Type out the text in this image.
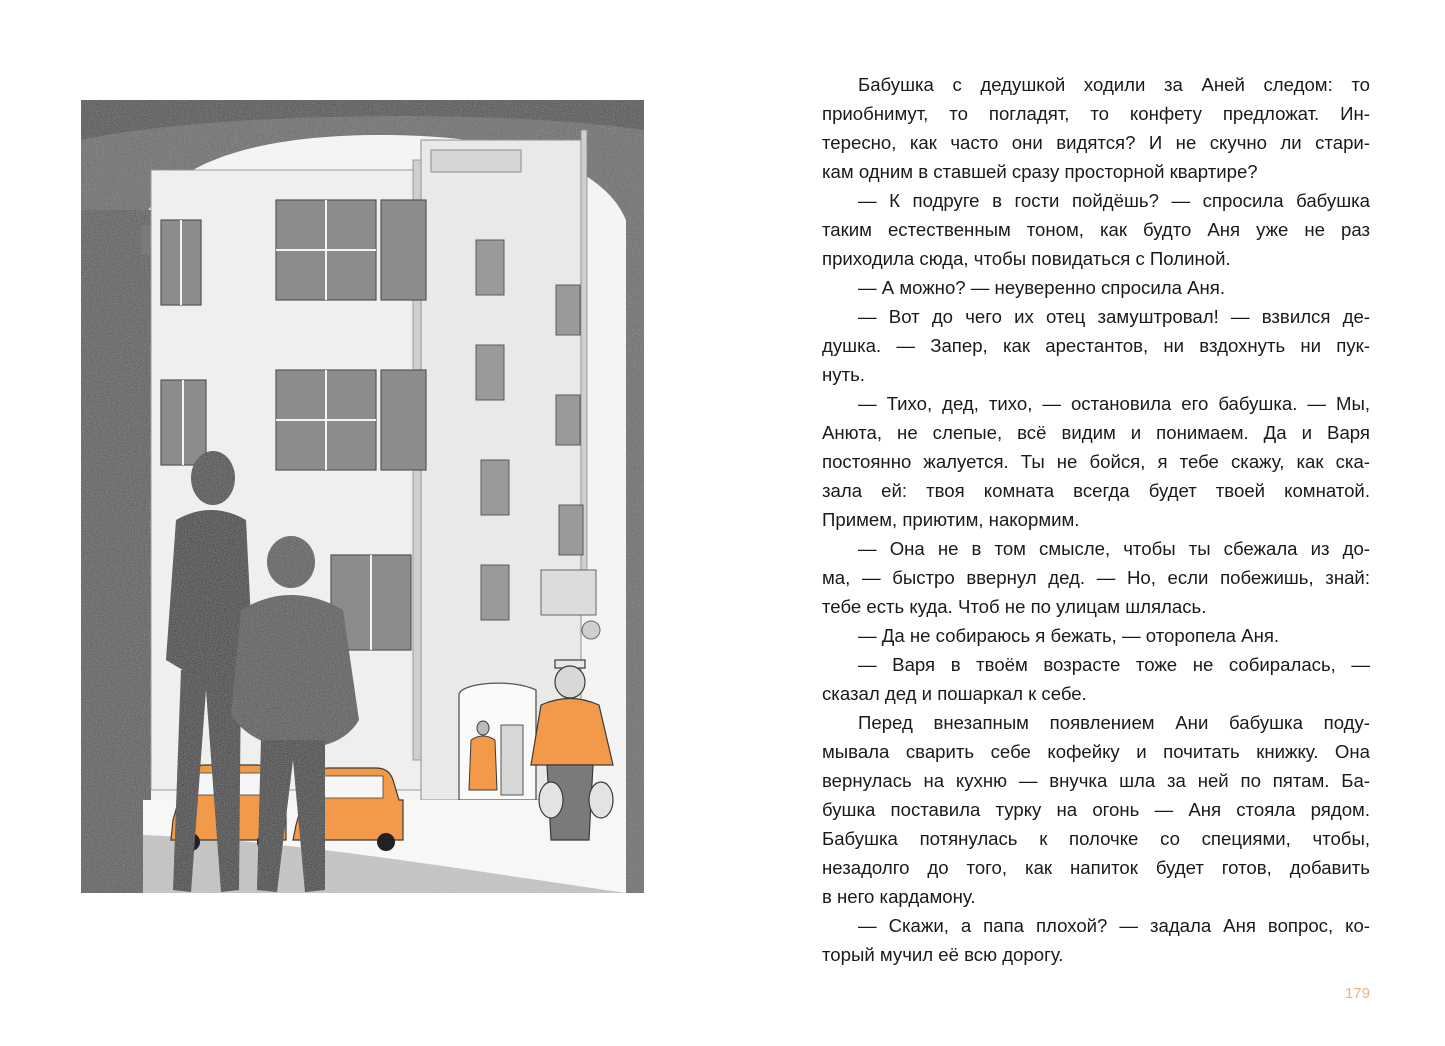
Бабушка с дедушкой ходили за Аней следом: то
приобнимут, то погладят, то конфету предложат. Ин-
тересно, как часто они видятся? И не скучно ли стари-
кам одним в ставшей сразу просторной квартире?
— К подруге в гости пойдёшь? — спросила бабушка
таким естественным тоном, как будто Аня уже не раз
приходила сюда, чтобы повидаться с Полиной.
— А можно? — неуверенно спросила Аня.
— Вот до чего их отец замуштровал! — взвился де-
душка. — Запер, как арестантов, ни вздохнуть ни пук-
нуть.
— Тихо, дед, тихо, — остановила его бабушка. — Мы,
Анюта, не слепые, всё видим и понимаем. Да и Варя
постоянно жалуется. Ты не бойся, я тебе скажу, как ска-
зала ей: твоя комната всегда будет твоей комнатой.
Примем, приютим, накормим.
— Она не в том смысле, чтобы ты сбежала из до-
ма, — быстро ввернул дед. — Но, если побежишь, знай:
тебе есть куда. Чтоб не по улицам шлялась.
— Да не собираюсь я бежать, — оторопела Аня.
— Варя в твоём возрасте тоже не собиралась, —
сказал дед и пошаркал к себе.
Перед внезапным появлением Ани бабушка поду-
мывала сварить себе кофейку и почитать книжку. Она
вернулась на кухню — внучка шла за ней по пятам. Ба-
бушка поставила турку на огонь — Аня стояла рядом.
Бабушка потянулась к полочке со специями, чтобы,
незадолго до того, как напиток будет готов, добавить
в него кардамону.
— Скажи, а папа плохой? — задала Аня вопрос, ко-
торый мучил её всю дорогу.

179
